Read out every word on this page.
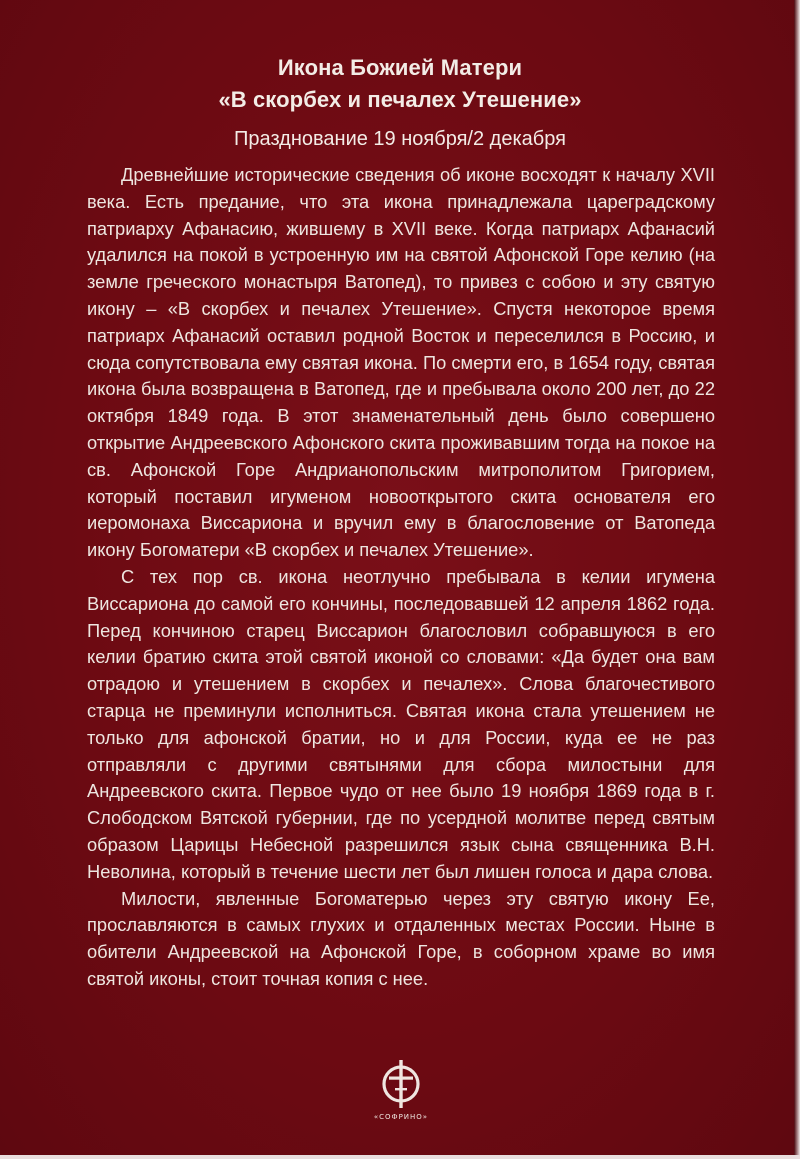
Икона Божией Матери
«В скорбех и печалех Утешение»
Празднование 19 ноября/2 декабря

Древнейшие исторические сведения об иконе восходят к началу XVII века. Есть предание, что эта икона принадлежала цареградскому патриарху Афанасию, жившему в XVII веке. Когда патриарх Афанасий удалился на покой в устроенную им на святой Афонской Горе келию (на земле греческого монастыря Ватопед), то привез с собою и эту святую икону – «В скорбех и печалех Утешение». Спустя некоторое время патриарх Афанасий оставил родной Восток и переселился в Россию, и сюда сопутствовала ему святая икона. По смерти его, в 1654 году, святая икона была возвращена в Ватопед, где и пребывала около 200 лет, до 22 октября 1849 года. В этот знаменательный день было совершено открытие Андреевского Афонского скита проживавшим тогда на покое на св. Афонской Горе Андрианопольским митрополитом Григорием, который поставил игуменом новооткрытого скита основателя его иеромонаха Виссариона и вручил ему в благословение от Ватопеда икону Богоматери «В скорбех и печалех Утешение».

С тех пор св. икона неотлучно пребывала в келии игумена Виссариона до самой его кончины, последовавшей 12 апреля 1862 года. Перед кончиною старец Виссарион благословил собравшуюся в его келии братию скита этой святой иконой со словами: «Да будет она вам отрадою и утешением в скорбех и печалех». Слова благочестивого старца не преминули исполниться. Святая икона стала утешением не только для афонской братии, но и для России, куда ее не раз отправляли с другими святынями для сбора милостыни для Андреевского скита. Первое чудо от нее было 19 ноября 1869 года в г. Слободском Вятской губернии, где по усердной молитве перед святым образом Царицы Небесной разрешился язык сына священника В.Н. Неволина, который в течение шести лет был лишен голоса и дара слова.

Милости, явленные Богоматерью через эту святую икону Ее, прославляются в самых глухих и отдаленных местах России. Ныне в обители Андреевской на Афонской Горе, в соборном храме во имя святой иконы, стоит точная копия с нее.

«СОФРИНО»
